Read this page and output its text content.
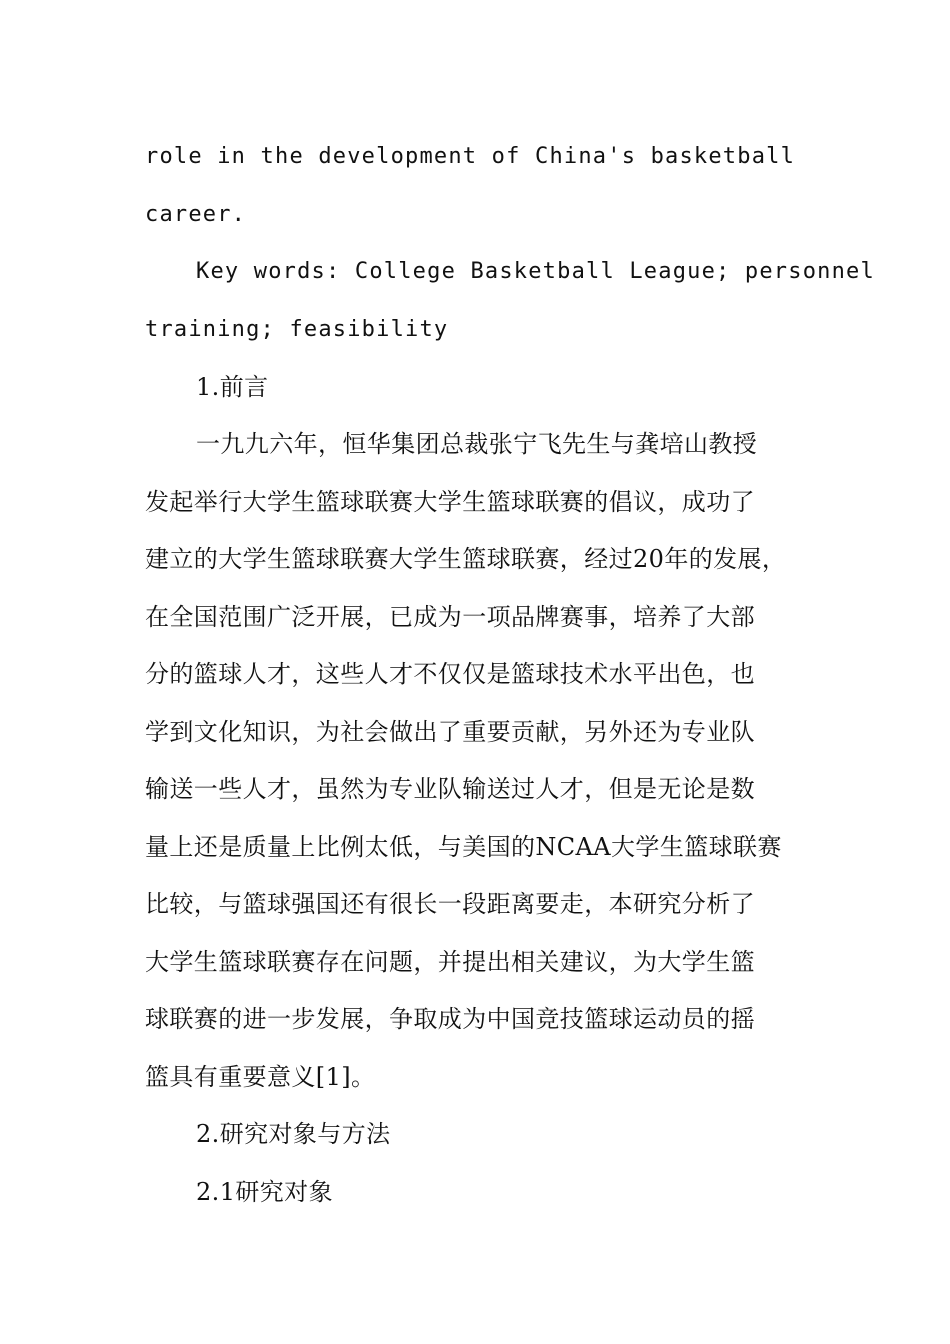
role in the development of China's basketball

career.

Key words: College Basketball League; personnel

training; feasibility

1.前言

一九九六年，恒华集团总裁张宁飞先生与龚培山教授

发起举行大学生篮球联赛大学生篮球联赛的倡议，成功了

建立的大学生篮球联赛大学生篮球联赛，经过20年的发展，

在全国范围广泛开展，已成为一项品牌赛事，培养了大部

分的篮球人才，这些人才不仅仅是篮球技术水平出色，也

学到文化知识，为社会做出了重要贡献，另外还为专业队

输送一些人才，虽然为专业队输送过人才，但是无论是数

量上还是质量上比例太低，与美国的NCAA大学生篮球联赛

比较，与篮球强国还有很长一段距离要走，本研究分析了

大学生篮球联赛存在问题，并提出相关建议，为大学生篮

球联赛的进一步发展，争取成为中国竞技篮球运动员的摇

篮具有重要意义[1]。

2.研究对象与方法

2.1研究对象
